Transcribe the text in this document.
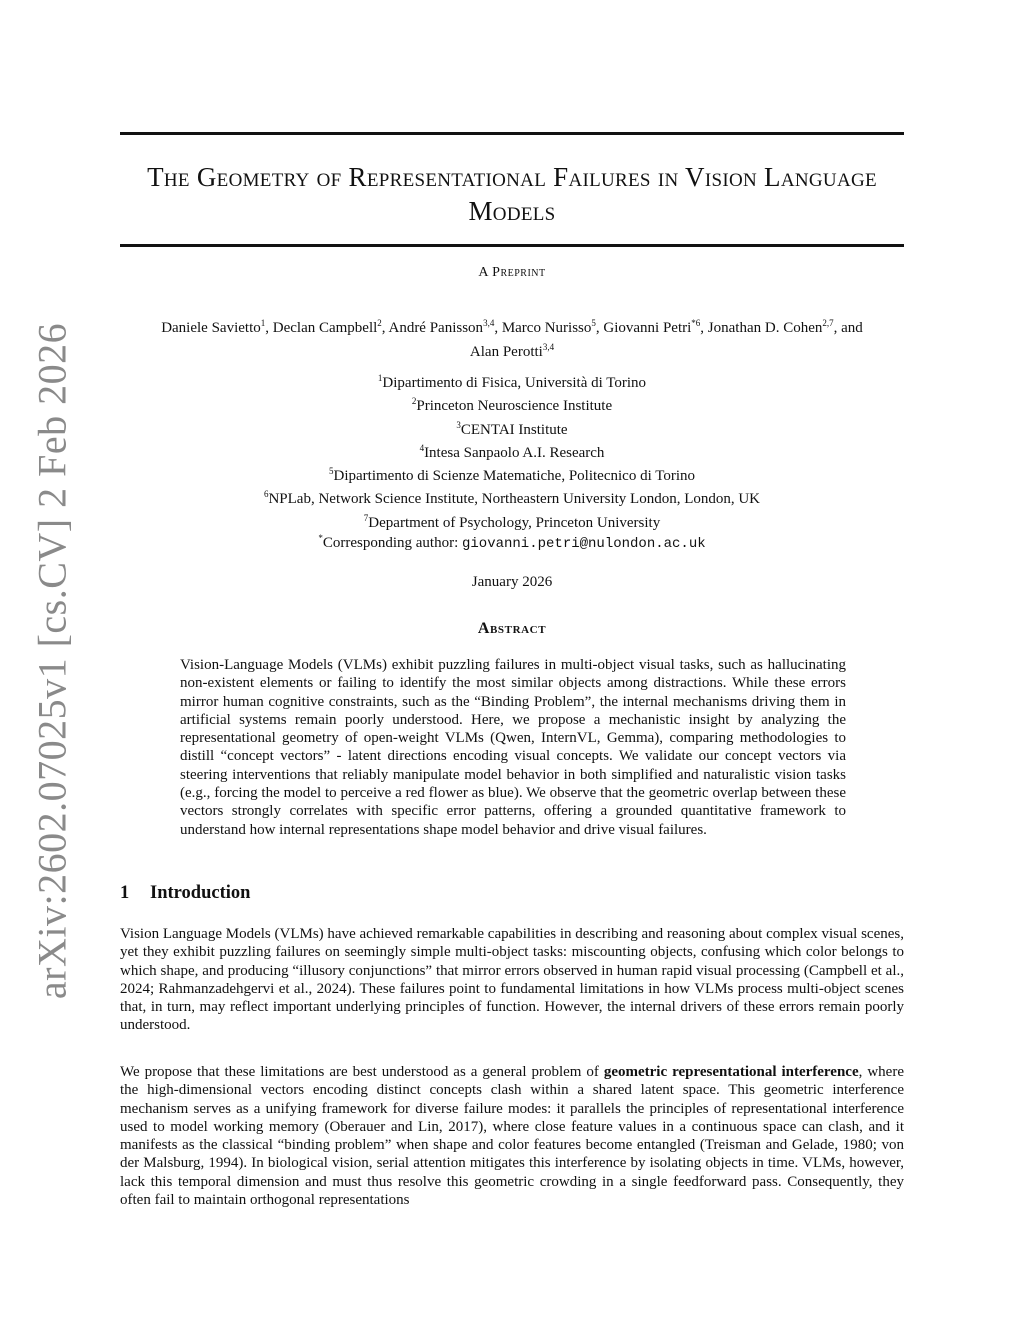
arXiv:2602.07025v1 [cs.CV] 2 Feb 2026
The Geometry of Representational Failures in Vision Language Models
A Preprint
Daniele Savietto$^1$, Declan Campbell$^2$, André Panisson$^{3,4}$, Marco Nurisso$^5$, Giovanni Petri$^{*6}$, Jonathan D. Cohen$^{2,7}$, and
Alan Perotti$^{3,4}$
$^1$Dipartimento di Fisica, Università di Torino
$^2$Princeton Neuroscience Institute
$^3$CENTAI Institute
$^4$Intesa Sanpaolo A.I. Research
$^5$Dipartimento di Scienze Matematiche, Politecnico di Torino
$^6$NPLab, Network Science Institute, Northeastern University London, London, UK
$^7$Department of Psychology, Princeton University
*Corresponding author: giovanni.petri@nulondon.ac.uk
January 2026
Abstract
Vision-Language Models (VLMs) exhibit puzzling failures in multi-object visual tasks, such as hallucinating non-existent elements or failing to identify the most similar objects among distractions. While these errors mirror human cognitive constraints, such as the “Binding Problem”, the internal mechanisms driving them in artificial systems remain poorly understood. Here, we propose a mechanistic insight by analyzing the representational geometry of open-weight VLMs (Qwen, InternVL, Gemma), comparing methodologies to distill “concept vectors” - latent directions encoding visual concepts. We validate our concept vectors via steering interventions that reliably manipulate model behavior in both simplified and naturalistic vision tasks (e.g., forcing the model to perceive a red flower as blue). We observe that the geometric overlap between these vectors strongly correlates with specific error patterns, offering a grounded quantitative framework to understand how internal representations shape model behavior and drive visual failures.
1 Introduction
Vision Language Models (VLMs) have achieved remarkable capabilities in describing and reasoning about complex visual scenes, yet they exhibit puzzling failures on seemingly simple multi-object tasks: miscounting objects, confusing which color belongs to which shape, and producing “illusory conjunctions” that mirror errors observed in human rapid visual processing (Campbell et al., 2024; Rahmanzadehgervi et al., 2024). These failures point to fundamental limitations in how VLMs process multi-object scenes that, in turn, may reflect important underlying principles of function. However, the internal drivers of these errors remain poorly understood.
We propose that these limitations are best understood as a general problem of geometric representational interference, where the high-dimensional vectors encoding distinct concepts clash within a shared latent space. This geometric interference mechanism serves as a unifying framework for diverse failure modes: it parallels the principles of representational interference used to model working memory (Oberauer and Lin, 2017), where close feature values in a continuous space can clash, and it manifests as the classical “binding problem” when shape and color features become entangled (Treisman and Gelade, 1980; von der Malsburg, 1994). In biological vision, serial attention mitigates this interference by isolating objects in time. VLMs, however, lack this temporal dimension and must thus resolve this geometric crowding in a single feedforward pass. Consequently, they often fail to maintain orthogonal representations
